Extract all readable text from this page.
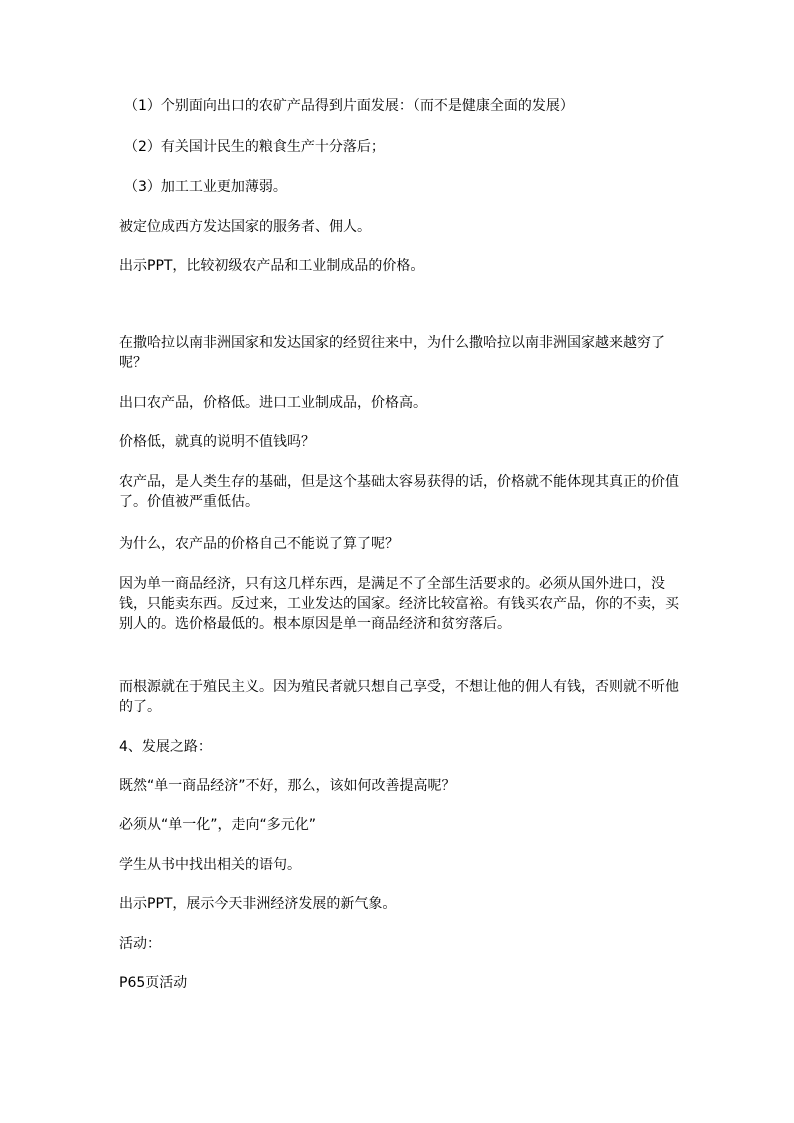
（1）个别面向出口的农矿产品得到片面发展：（而不是健康全面的发展）
（2）有关国计民生的粮食生产十分落后；
（3）加工工业更加薄弱。
被定位成西方发达国家的服务者、佣人。
出示PPT，比较初级农产品和工业制成品的价格。
在撒哈拉以南非洲国家和发达国家的经贸往来中，为什么撒哈拉以南非洲国家越来越穷了呢？
出口农产品，价格低。进口工业制成品，价格高。
价格低，就真的说明不值钱吗？
农产品，是人类生存的基础，但是这个基础太容易获得的话，价格就不能体现其真正的价值了。价值被严重低估。
为什么，农产品的价格自己不能说了算了呢？
因为单一商品经济，只有这几样东西，是满足不了全部生活要求的。必须从国外进口，没钱，只能卖东西。反过来，工业发达的国家。经济比较富裕。有钱买农产品，你的不卖，买别人的。选价格最低的。根本原因是单一商品经济和贫穷落后。
而根源就在于殖民主义。因为殖民者就只想自己享受，不想让他的佣人有钱，否则就不听他的了。
4、发展之路：
既然“单一商品经济”不好，那么，该如何改善提高呢？
必须从“单一化”，走向“多元化”
学生从书中找出相关的语句。
出示PPT，展示今天非洲经济发展的新气象。
活动：
P65页活动
